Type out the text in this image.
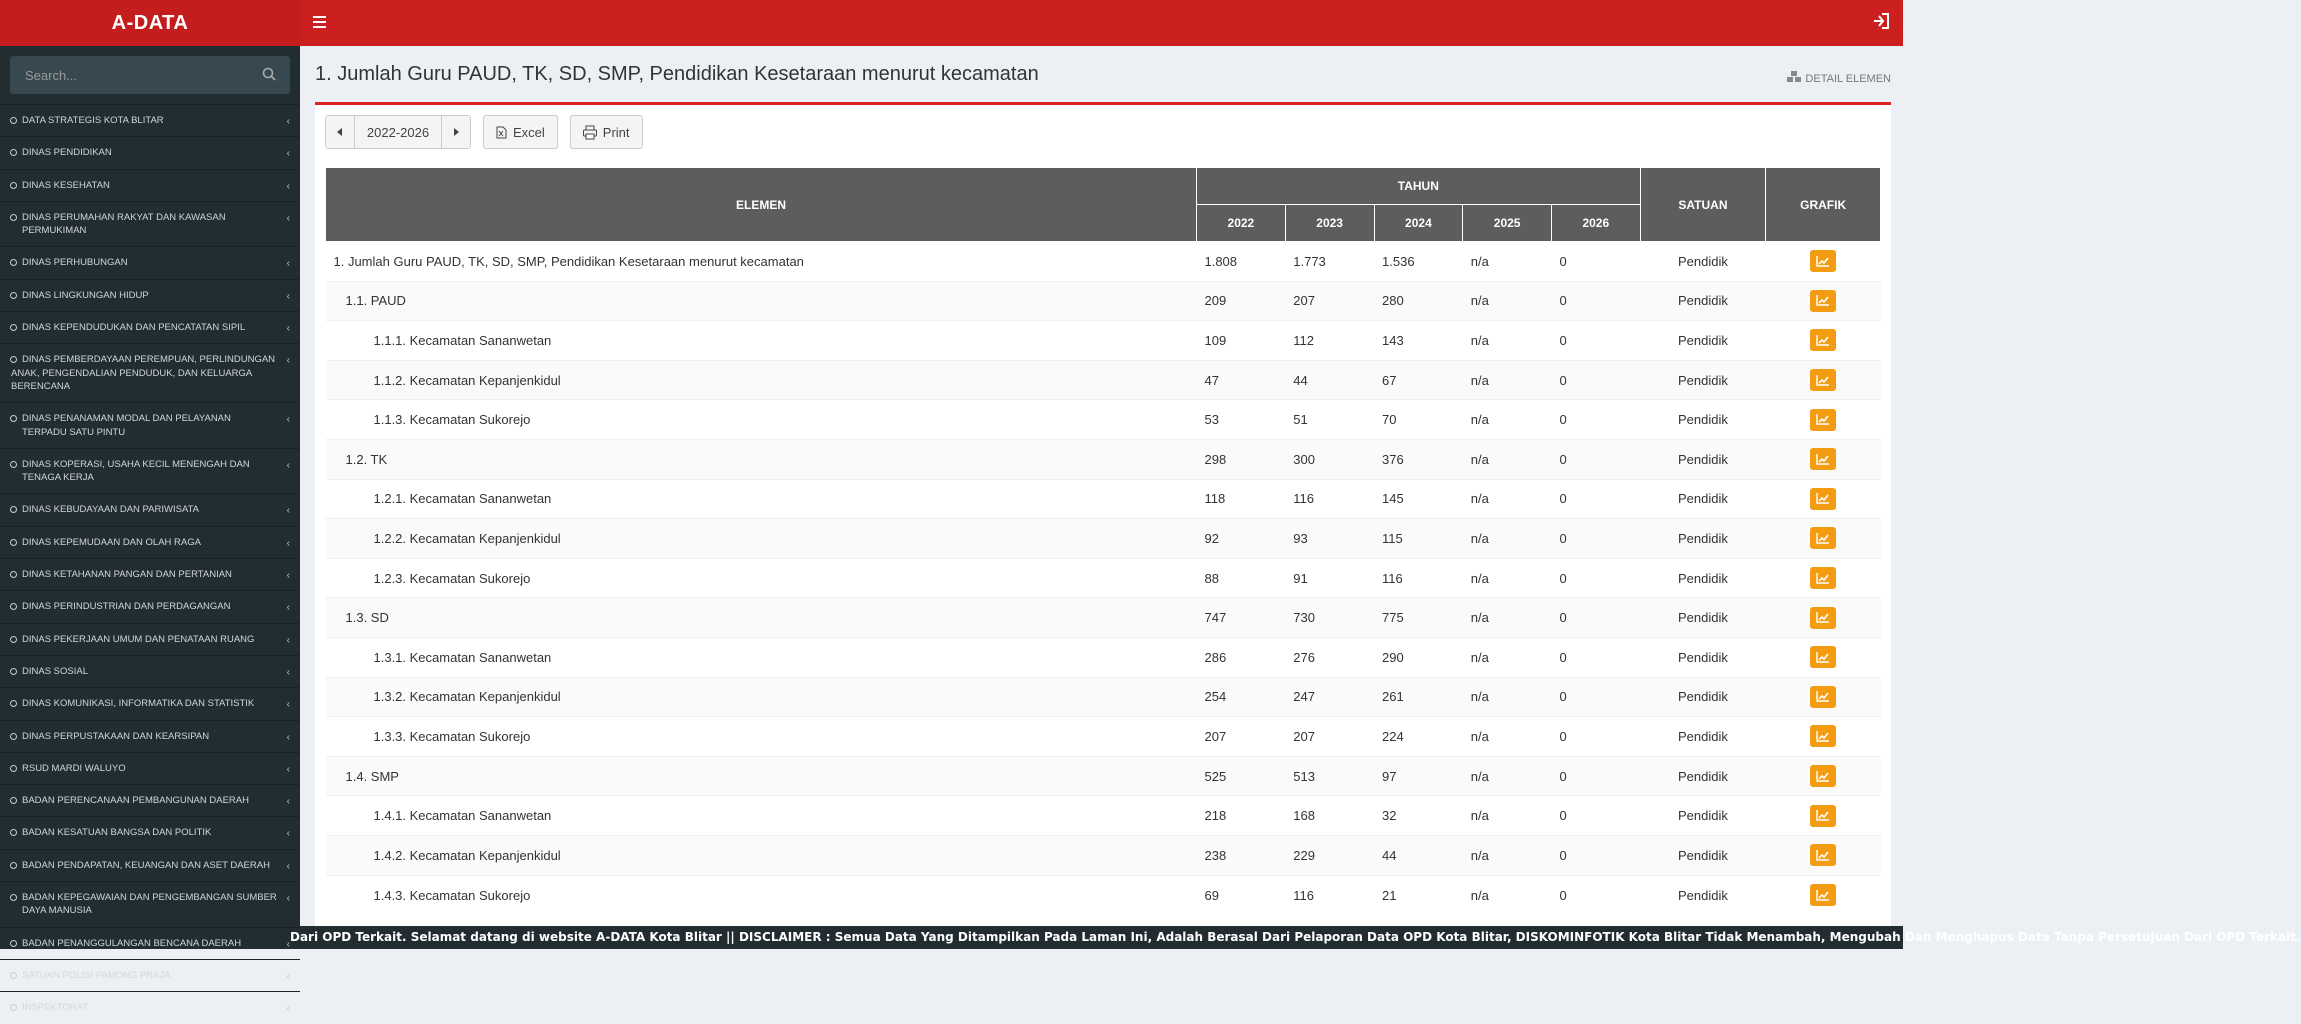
A-DATA
Search...
DATA STRATEGIS KOTA BLITAR	‹
DINAS PENDIDIKAN	‹
DINAS KESEHATAN	‹
DINAS PERUMAHAN RAKYAT DAN KAWASAN PERMUKIMAN
‹
DINAS PERHUBUNGAN	‹
DINAS LINGKUNGAN HIDUP	‹
DINAS KEPENDUDUKAN DAN PENCATATAN SIPIL	‹
DINAS PEMBERDAYAAN PEREMPUAN, PERLINDUNGAN ANAK, PENGENDALIAN PENDUDUK, DAN KELUARGA BERENCANA
‹
DINAS PENANAMAN MODAL DAN PELAYANAN TERPADU SATU PINTU
‹
DINAS KOPERASI, USAHA KECIL MENENGAH DAN TENAGA KERJA
‹
DINAS KEBUDAYAAN DAN PARIWISATA	‹
DINAS KEPEMUDAAN DAN OLAH RAGA	‹
DINAS KETAHANAN PANGAN DAN PERTANIAN	‹
DINAS PERINDUSTRIAN DAN PERDAGANGAN	‹
DINAS PEKERJAAN UMUM DAN PENATAAN RUANG	‹
DINAS SOSIAL	‹
DINAS KOMUNIKASI, INFORMATIKA DAN STATISTIK	‹
DINAS PERPUSTAKAAN DAN KEARSIPAN	‹
RSUD MARDI WALUYO	‹
BADAN PERENCANAAN PEMBANGUNAN DAERAH	‹
BADAN KESATUAN BANGSA DAN POLITIK	‹
BADAN PENDAPATAN, KEUANGAN DAN ASET DAERAH ‹
BADAN KEPEGAWAIAN DAN PENGEMBANGAN SUMBER DAYA MANUSIA
‹
BADAN PENANGGULANGAN BENCANA DAERAH	‹
SATUAN POLISI PAMONG PRAJA	‹
INSPEKTORAT	‹
1. Jumlah Guru PAUD, TK, SD, SMP, Pendidikan Kesetaraan menurut kecamatan	DETAIL ELEMEN
2022-2026	Excel	Print
ELEMEN	TAHUN					SATUAN	GRAFIK
	2022	2023	2024	2025	2026		
1. Jumlah Guru PAUD, TK, SD, SMP, Pendidikan Kesetaraan menurut kecamatan	1.808	1.773	1.536	n/a	0	Pendidik	

1.1. PAUD	209	207	280	n/a	0	Pendidik	

1.1.1. Kecamatan Sananwetan	109	112	143	n/a	0	Pendidik	

1.1.2. Kecamatan Kepanjenkidul	47	44	67	n/a	0	Pendidik	

1.1.3. Kecamatan Sukorejo	53	51	70	n/a	0	Pendidik	

1.2. TK	298	300	376	n/a	0	Pendidik	

1.2.1. Kecamatan Sananwetan	118	116	145	n/a	0	Pendidik	

1.2.2. Kecamatan Kepanjenkidul	92	93	115	n/a	0	Pendidik	

1.2.3. Kecamatan Sukorejo	88	91	116	n/a	0	Pendidik	

1.3. SD	747	730	775	n/a	0	Pendidik	

1.3.1. Kecamatan Sananwetan	286	276	290	n/a	0	Pendidik	

1.3.2. Kecamatan Kepanjenkidul	254	247	261	n/a	0	Pendidik	

1.3.3. Kecamatan Sukorejo	207	207	224	n/a	0	Pendidik	

1.4. SMP	525	513	97	n/a	0	Pendidik	

1.4.1. Kecamatan Sananwetan	218	168	32	n/a	0	Pendidik	

1.4.2. Kecamatan Kepanjenkidul	238	229	44	n/a	0	Pendidik	

1.4.3. Kecamatan Sukorejo	69	116	21	n/a	0	Pendidik	
Dari OPD Terkait. Selamat datang di website A-DATA Kota Blitar || DISCLAIMER : Semua Data Yang Ditampilkan Pada Laman Ini, Adalah Berasal Dari Pelaporan Data OPD Kota Blitar, DISKOMINFOTIK Kota Blitar Tidak Menambah, Mengubah Dan Menghapus Data Tanpa Persetujuan Dari OPD Terkait.
